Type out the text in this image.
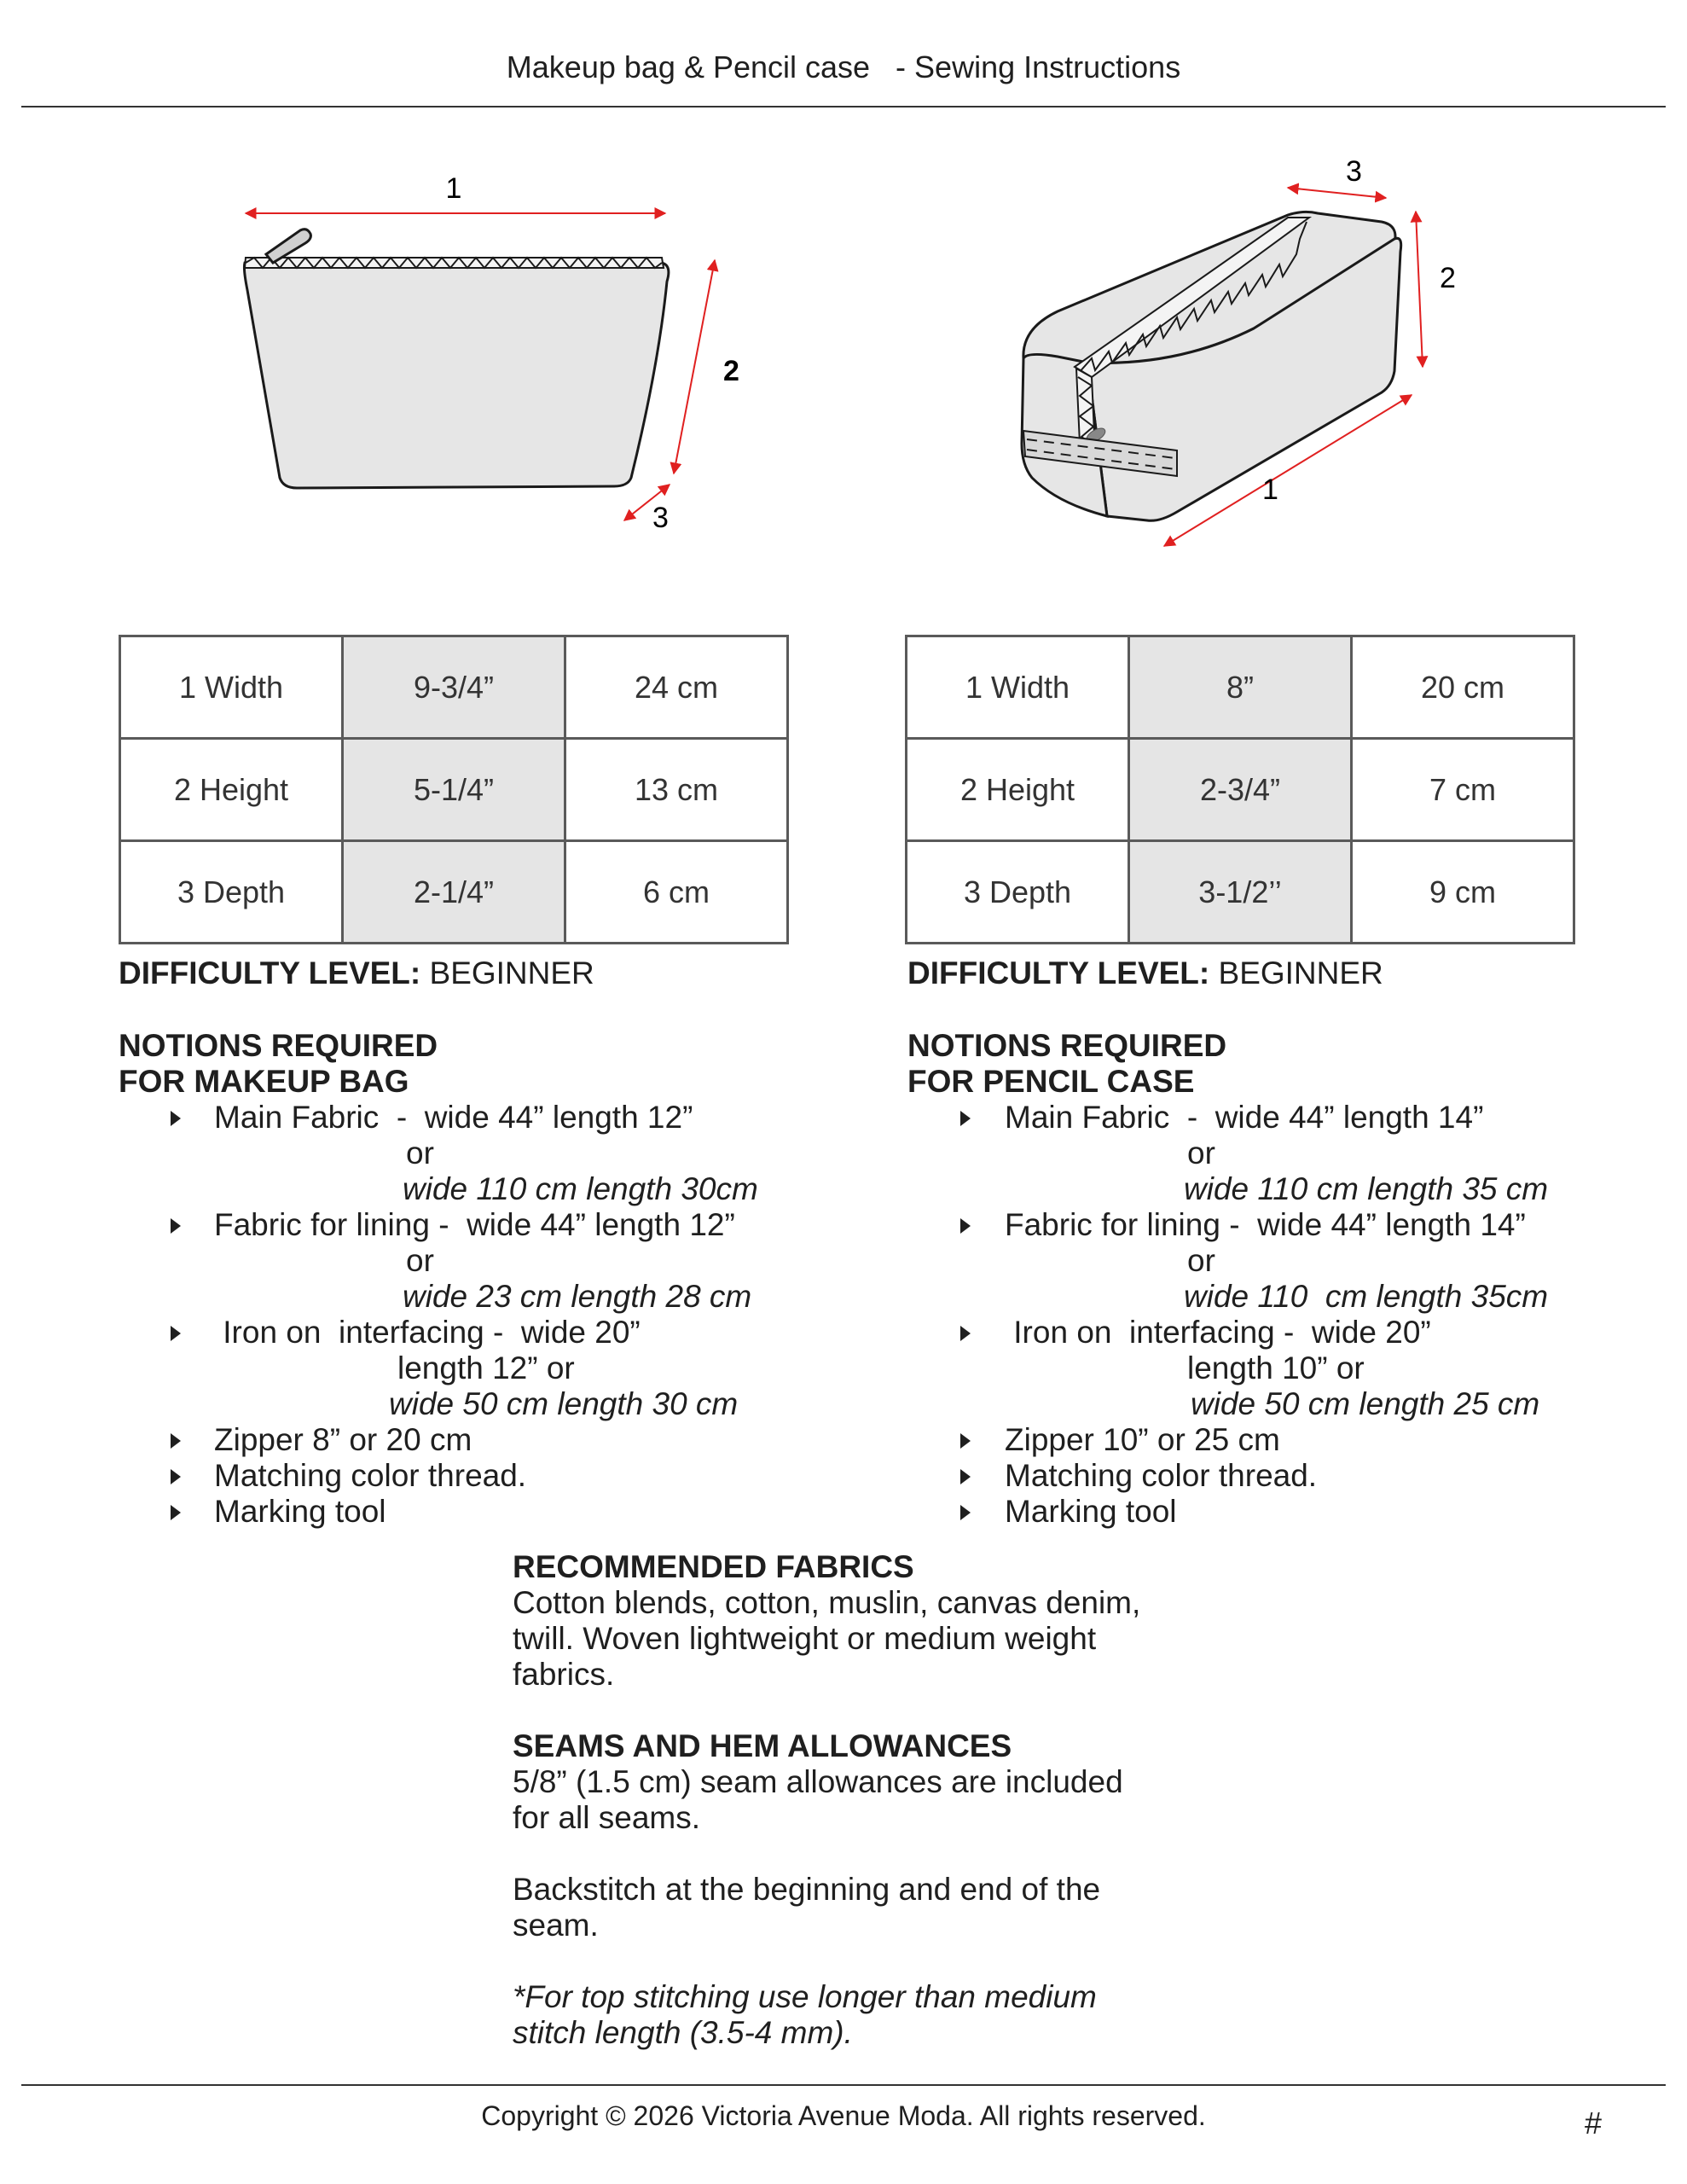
Makeup bag & Pencil case   - Sewing Instructions
1
2
3
1
2
3
1 Width	9-3/4”	24 cm
2 Height	5-1/4”	13 cm
3 Depth	2-1/4”	6 cm
1 Width	8”	20 cm
2 Height	2-3/4”	7 cm
3 Depth	3-1/2’’	9 cm
DIFFICULTY LEVEL: BEGINNER
NOTIONS REQUIRED
FOR MAKEUP BAG
Main Fabric  -  wide 44” length 12”
or
wide 110 cm length 30cm
Fabric for lining -  wide 44” length 12”
or
wide 23 cm length 28 cm
Iron on  interfacing -  wide 20”
length 12” or
wide 50 cm length 30 cm
Zipper 8” or 20 cm
Matching color thread.
Marking tool
DIFFICULTY LEVEL: BEGINNER
NOTIONS REQUIRED
FOR PENCIL CASE
Main Fabric  -  wide 44” length 14”
or
wide 110 cm length 35 cm
Fabric for lining -  wide 44” length 14”
or
wide 110  cm length 35cm
Iron on  interfacing -  wide 20”
length 10” or
wide 50 cm length 25 cm
Zipper 10” or 25 cm
Matching color thread.
Marking tool
RECOMMENDED FABRICS
Cotton blends, cotton, muslin, canvas denim,
twill. Woven lightweight or medium weight
fabrics.
SEAMS AND HEM ALLOWANCES
5/8” (1.5 cm) seam allowances are included
for all seams.
Backstitch at the beginning and end of the
seam.
*For top stitching use longer than medium
stitch length (3.5-4 mm).
Copyright © 2026 Victoria Avenue Moda. All rights reserved.	#
